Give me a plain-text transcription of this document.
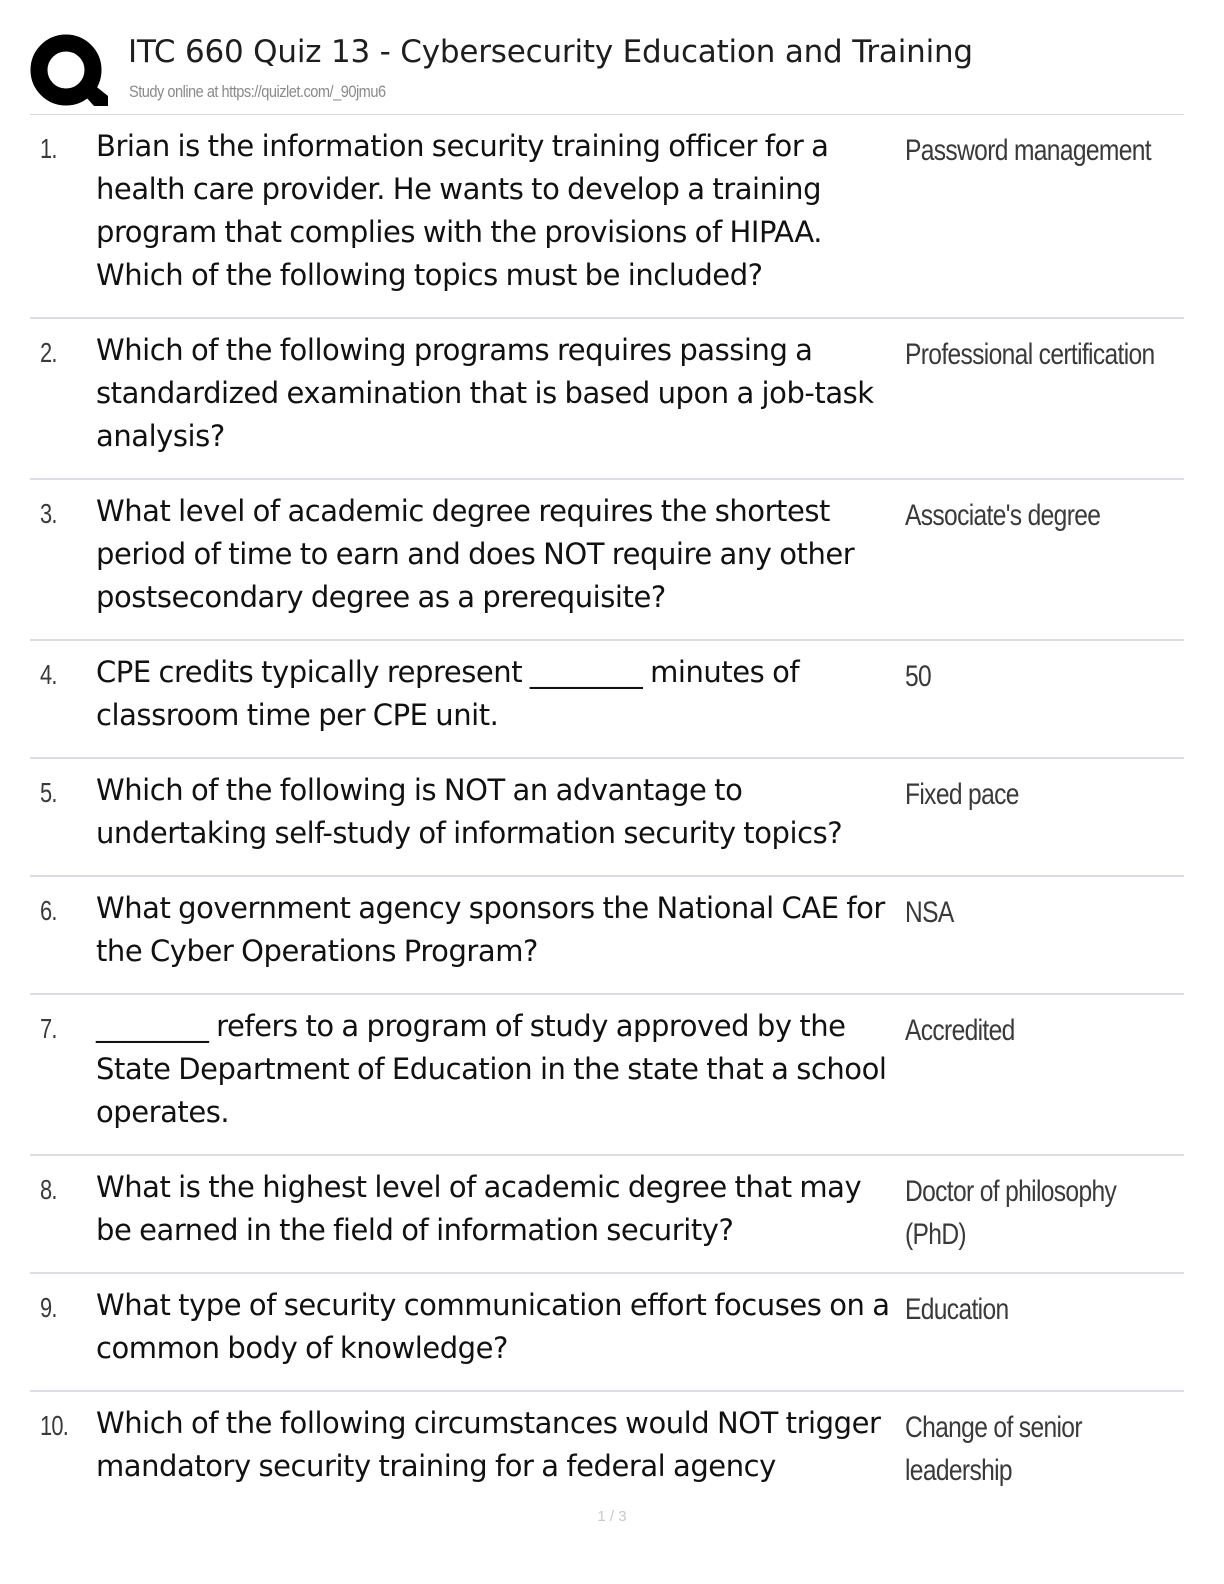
ITC 660 Quiz 13 - Cybersecurity Education and Training
Study online at https://quizlet.com/_90jmu6
1. Brian is the information security training officer for a health care provider. He wants to develop a training program that complies with the provisions of HIPAA. Which of the following topics must be included?
Password management
2. Which of the following programs requires passing a standardized examination that is based upon a job-task analysis?
Professional certification
3. What level of academic degree requires the shortest period of time to earn and does NOT require any other postsecondary degree as a prerequisite?
Associate's degree
4. CPE credits typically represent ________ minutes of classroom time per CPE unit.
50
5. Which of the following is NOT an advantage to undertaking self-study of information security topics?
Fixed pace
6. What government agency sponsors the National CAE for the Cyber Operations Program?
NSA
7. ________ refers to a program of study approved by the State Department of Education in the state that a school operates.
Accredited
8. What is the highest level of academic degree that may be earned in the field of information security?
Doctor of philosophy (PhD)
9. What type of security communication effort focuses on a common body of knowledge?
Education
10. Which of the following circumstances would NOT trigger mandatory security training for a federal agency
Change of senior leadership
1 / 3
